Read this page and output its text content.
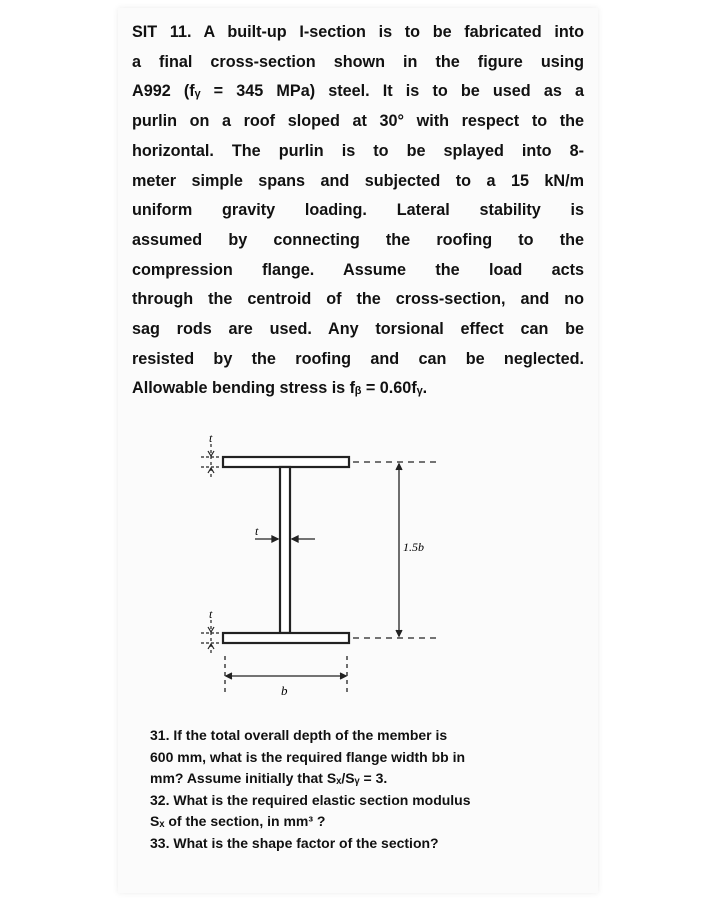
SIT 11. A built-up I-section is to be fabricated into
a final cross-section shown in the figure using
A992 (fᵧ = 345 MPa) steel. It is to be used as a
purlin on a roof sloped at 30° with respect to the
horizontal. The purlin is to be splayed into 8-
meter simple spans and subjected to a 15 kN/m
uniform gravity loading. Lateral stability is
assumed by connecting the roofing to the
compression flange. Assume the load acts
through the centroid of the cross-section, and no
sag rods are used. Any torsional effect can be
resisted by the roofing and can be neglected.
Allowable bending stress is fᵦ = 0.60fᵧ.
t
t
t
1.5b
b
31. If the total overall depth of the member is
600 mm, what is the required flange width bb in
mm? Assume initially that Sₓ/Sᵧ = 3.
32. What is the required elastic section modulus
Sₓ of the section, in mm³ ?
33. What is the shape factor of the section?
